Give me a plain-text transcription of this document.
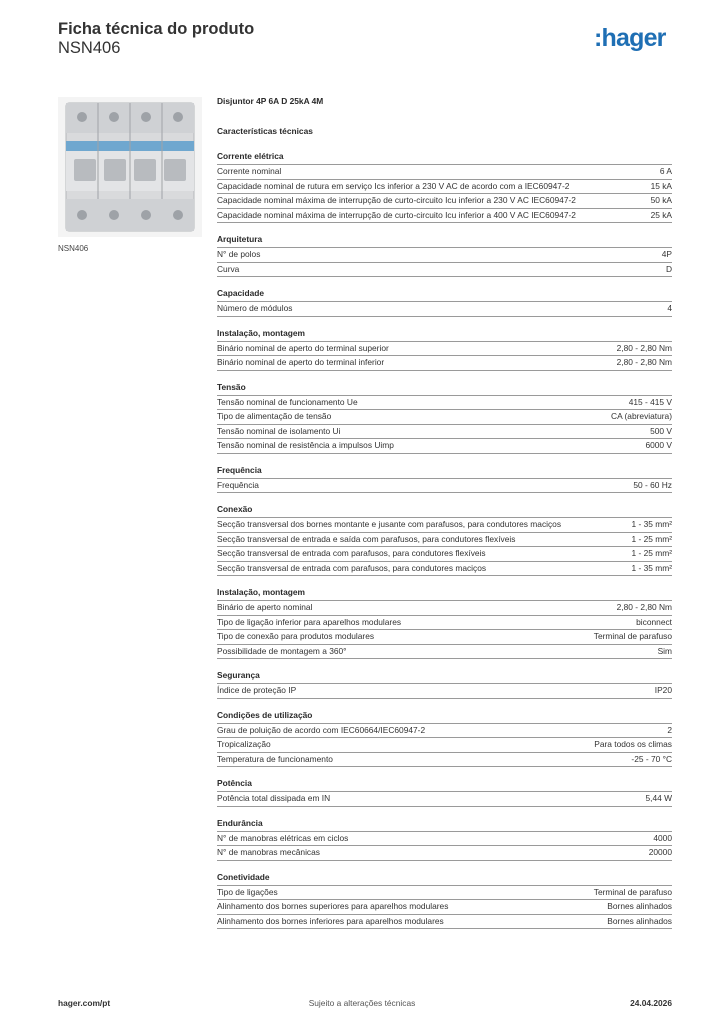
Ficha técnica do produto
NSN406	:hager
NSN406
Disjuntor 4P 6A D 25kA 4M
Características técnicas
Corrente elétrica
Corrente nominal	6 A
Capacidade nominal de rutura em serviço Ics inferior a 230 V AC de acordo com a IEC60947-2	15 kA
Capacidade nominal máxima de interrupção de curto-circuito Icu inferior a 230 V AC IEC60947-2	50 kA
Capacidade nominal máxima de interrupção de curto-circuito Icu inferior a 400 V AC IEC60947-2	25 kA
Arquitetura
N° de polos	4P
Curva	D
Capacidade
Número de módulos	4
Instalação, montagem
Binário nominal de aperto do terminal superior	2,80 - 2,80 Nm
Binário nominal de aperto do terminal inferior	2,80 - 2,80 Nm
Tensão
Tensão nominal de funcionamento Ue	415 - 415 V
Tipo de alimentação de tensão	CA (abreviatura)
Tensão nominal de isolamento Ui	500 V
Tensão nominal de resistência a impulsos Uimp	6000 V
Frequência
Frequência	50 - 60 Hz
Conexão
Secção transversal dos bornes montante e jusante com parafusos, para condutores maciços	1 - 35 mm²
Secção transversal de entrada e saída com parafusos, para condutores flexíveis	1 - 25 mm²
Secção transversal de entrada com parafusos, para condutores flexíveis	1 - 25 mm²
Secção transversal de entrada com parafusos, para condutores maciços	1 - 35 mm²
Instalação, montagem
Binário de aperto nominal	2,80 - 2,80 Nm
Tipo de ligação inferior para aparelhos modulares	biconnect
Tipo de conexão para produtos modulares	Terminal de parafuso
Possibilidade de montagem a 360°	Sim
Segurança
Índice de proteção IP	IP20
Condições de utilização
Grau de poluição de acordo com IEC60664/IEC60947-2	2
Tropicalização	Para todos os climas
Temperatura de funcionamento	-25 - 70 °C
Potência
Potência total dissipada em IN	5,44 W
Endurância
N° de manobras elétricas em ciclos	4000
N° de manobras mecânicas	20000
Conetividade
Tipo de ligações	Terminal de parafuso
Alinhamento dos bornes superiores para aparelhos modulares	Bornes alinhados
Alinhamento dos bornes inferiores para aparelhos modulares	Bornes alinhados
hager.com/pt	Sujeito a alterações técnicas	24.04.2026
